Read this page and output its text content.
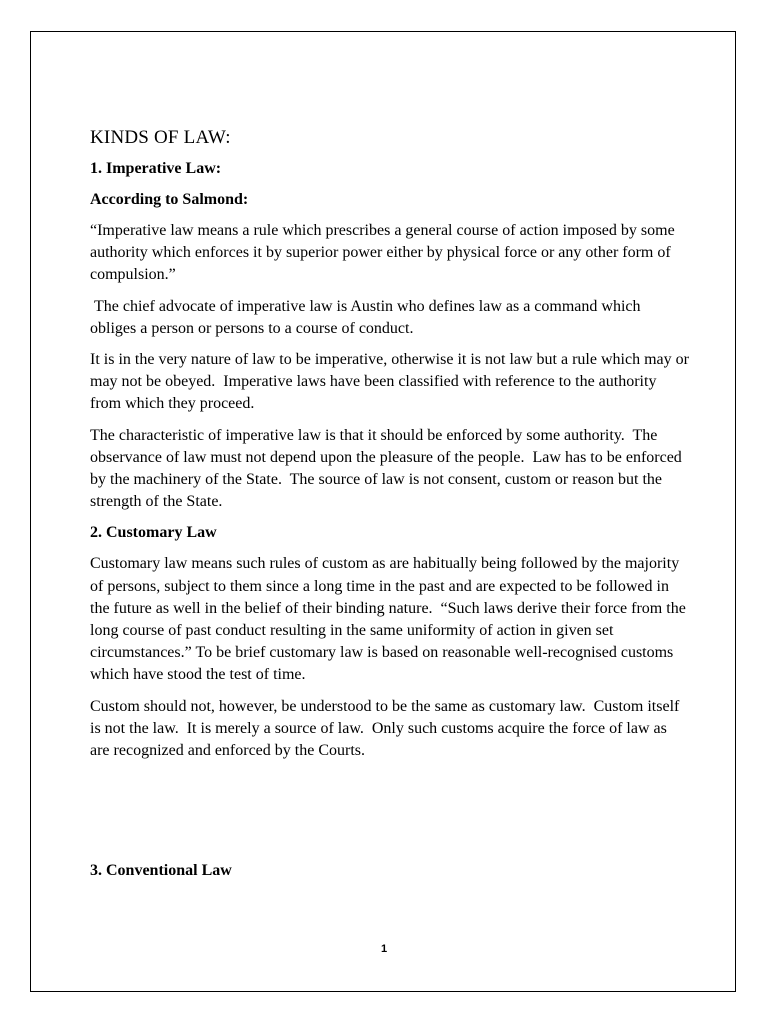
KINDS OF LAW:
1. Imperative Law:
According to Salmond:

“Imperative law means a rule which prescribes a general course of action imposed by some authority which enforces it by superior power either by physical force or any other form of compulsion.”

The chief advocate of imperative law is Austin who defines law as a command which obliges a person or persons to a course of conduct.

It is in the very nature of law to be imperative, otherwise it is not law but a rule which may or may not be obeyed.  Imperative laws have been classified with reference to the authority from which they proceed.

The characteristic of imperative law is that it should be enforced by some authority.  The observance of law must not depend upon the pleasure of the people.  Law has to be enforced by the machinery of the State.  The source of law is not consent, custom or reason but the strength of the State.

2. Customary Law

Customary law means such rules of custom as are habitually being followed by the majority of persons, subject to them since a long time in the past and are expected to be followed in the future as well in the belief of their binding nature.  “Such laws derive their force from the long course of past conduct resulting in the same uniformity of action in given set circumstances.” To be brief customary law is based on reasonable well-recognised customs which have stood the test of time.

Custom should not, however, be understood to be the same as customary law.  Custom itself is not the law.  It is merely a source of law.  Only such customs acquire the force of law as are recognized and enforced by the Courts.

3. Conventional Law
1
